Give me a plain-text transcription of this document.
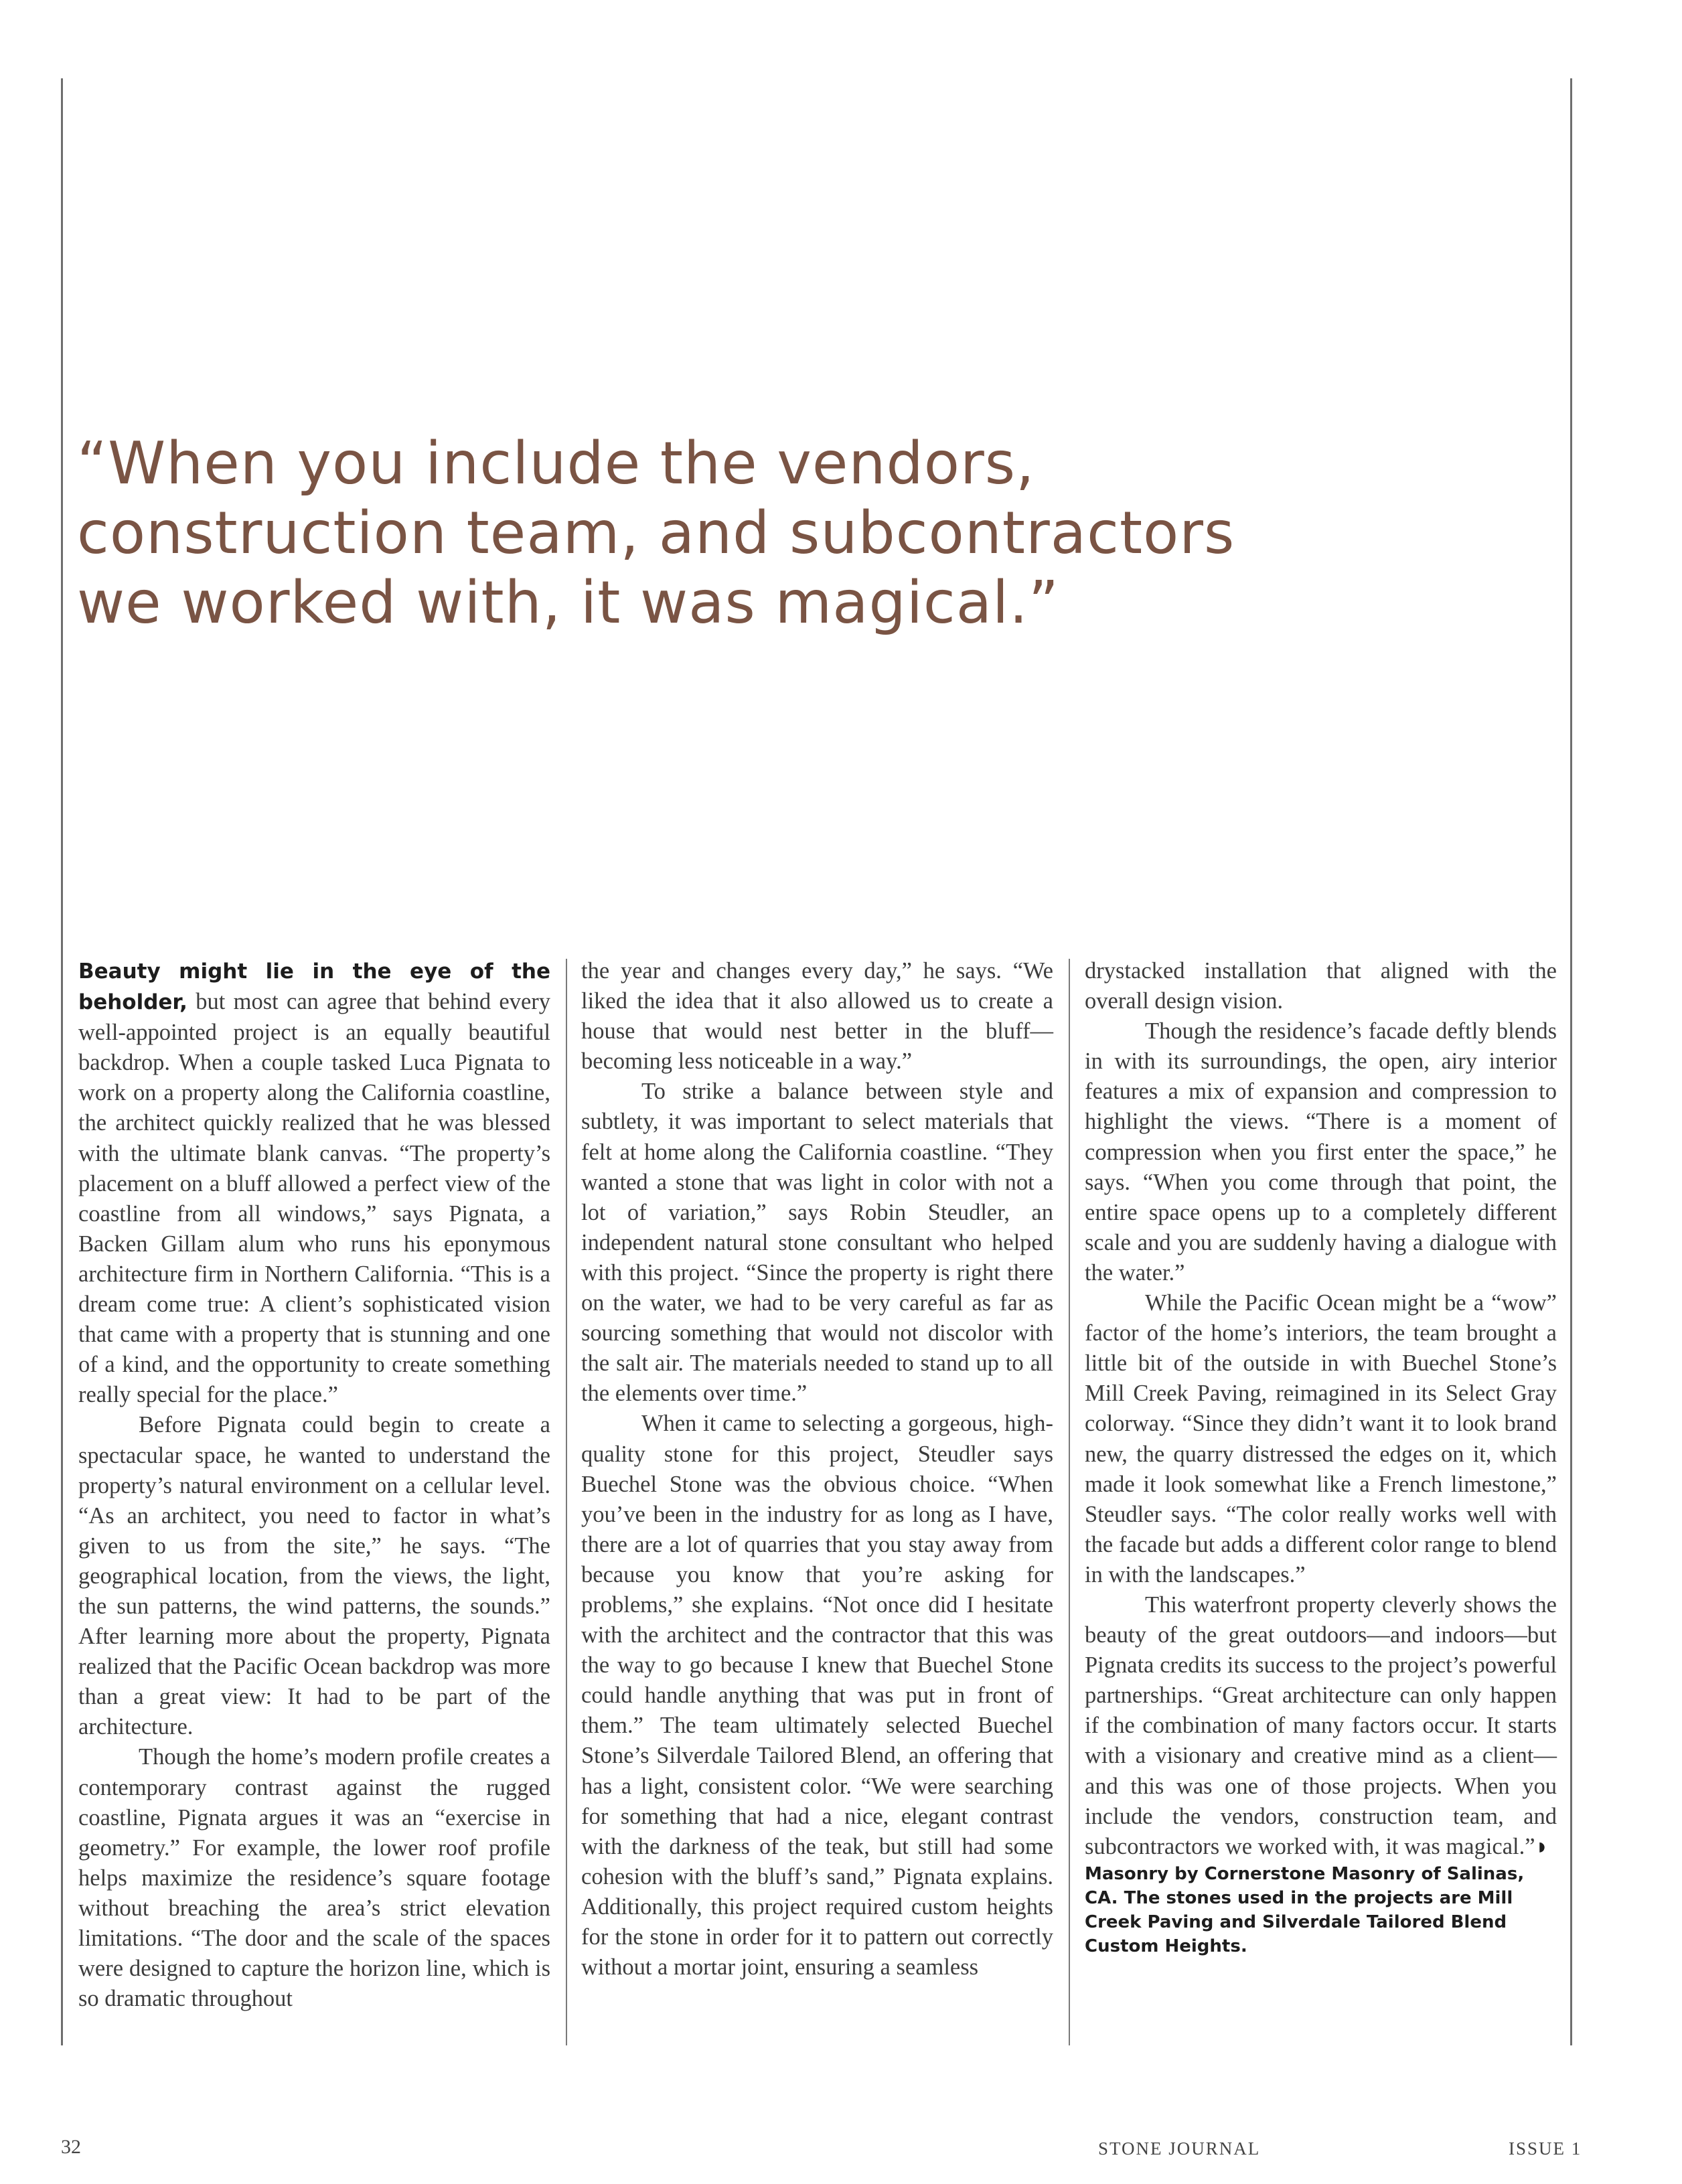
“When you include the vendors,
construction team, and subcontractors
we worked with, it was magical.”

Beauty might lie in the eye of the beholder, but most can agree that behind every well-appointed project is an equally beautiful backdrop. When a couple tasked Luca Pignata to work on a property along the California coastline, the architect quickly realized that he was blessed with the ultimate blank canvas. “The property’s placement on a bluff allowed a perfect view of the coastline from all windows,” says Pignata, a Backen Gillam alum who runs his eponymous architecture firm in Northern California. “This is a dream come true: A client’s sophisticated vision that came with a property that is stunning and one of a kind, and the opportunity to create something really special for the place.”

Before Pignata could begin to create a spectacular space, he wanted to understand the property’s natural environment on a cellular level. “As an architect, you need to factor in what’s given to us from the site,” he says. “The geographical location, from the views, the light, the sun patterns, the wind patterns, the sounds.” After learning more about the property, Pignata realized that the Pacific Ocean backdrop was more than a great view: It had to be part of the architecture.

Though the home’s modern profile creates a contemporary contrast against the rugged coastline, Pignata argues it was an “exercise in geometry.” For example, the lower roof profile helps maximize the residence’s square footage without breaching the area’s strict elevation limitations. “The door and the scale of the spaces were designed to capture the horizon line, which is so dramatic throughout

the year and changes every day,” he says. “We liked the idea that it also allowed us to create a house that would nest better in the bluff—becoming less noticeable in a way.”

To strike a balance between style and subtlety, it was important to select materials that felt at home along the California coastline. “They wanted a stone that was light in color with not a lot of variation,” says Robin Steudler, an independent natural stone consultant who helped with this project. “Since the property is right there on the water, we had to be very careful as far as sourcing something that would not discolor with the salt air. The materials needed to stand up to all the elements over time.”

When it came to selecting a gorgeous, high-quality stone for this project, Steudler says Buechel Stone was the obvious choice. “When you’ve been in the industry for as long as I have, there are a lot of quarries that you stay away from because you know that you’re asking for problems,” she explains. “Not once did I hesitate with the architect and the contractor that this was the way to go because I knew that Buechel Stone could handle anything that was put in front of them.” The team ultimately selected Buechel Stone’s Silverdale Tailored Blend, an offering that has a light, consistent color. “We were searching for something that had a nice, elegant contrast with the darkness of the teak, but still had some cohesion with the bluff’s sand,” Pignata explains. Additionally, this project required custom heights for the stone in order for it to pattern out correctly without a mortar joint, ensuring a seamless

drystacked installation that aligned with the overall design vision.

Though the residence’s facade deftly blends in with its surroundings, the open, airy interior features a mix of expansion and compression to highlight the views. “There is a moment of compression when you first enter the space,” he says. “When you come through that point, the entire space opens up to a completely different scale and you are suddenly having a dialogue with the water.”

While the Pacific Ocean might be a “wow” factor of the home’s interiors, the team brought a little bit of the outside in with Buechel Stone’s Mill Creek Paving, reimagined in its Select Gray colorway. “Since they didn’t want it to look brand new, the quarry distressed the edges on it, which made it look somewhat like a French limestone,” Steudler says. “The color really works well with the facade but adds a different color range to blend in with the landscapes.”

This waterfront property cleverly shows the beauty of the great outdoors—and indoors—but Pignata credits its success to the project’s powerful partnerships. “Great architecture can only happen if the combination of many factors occur. It starts with a visionary and creative mind as a client—and this was one of those projects. When you include the vendors, construction team, and subcontractors we worked with, it was magical.”◗

Masonry by Cornerstone Masonry of Salinas, CA. The stones used in the projects are Mill Creek Paving and Silverdale Tailored Blend Custom Heights.

32	STONE JOURNAL	ISSUE 1
